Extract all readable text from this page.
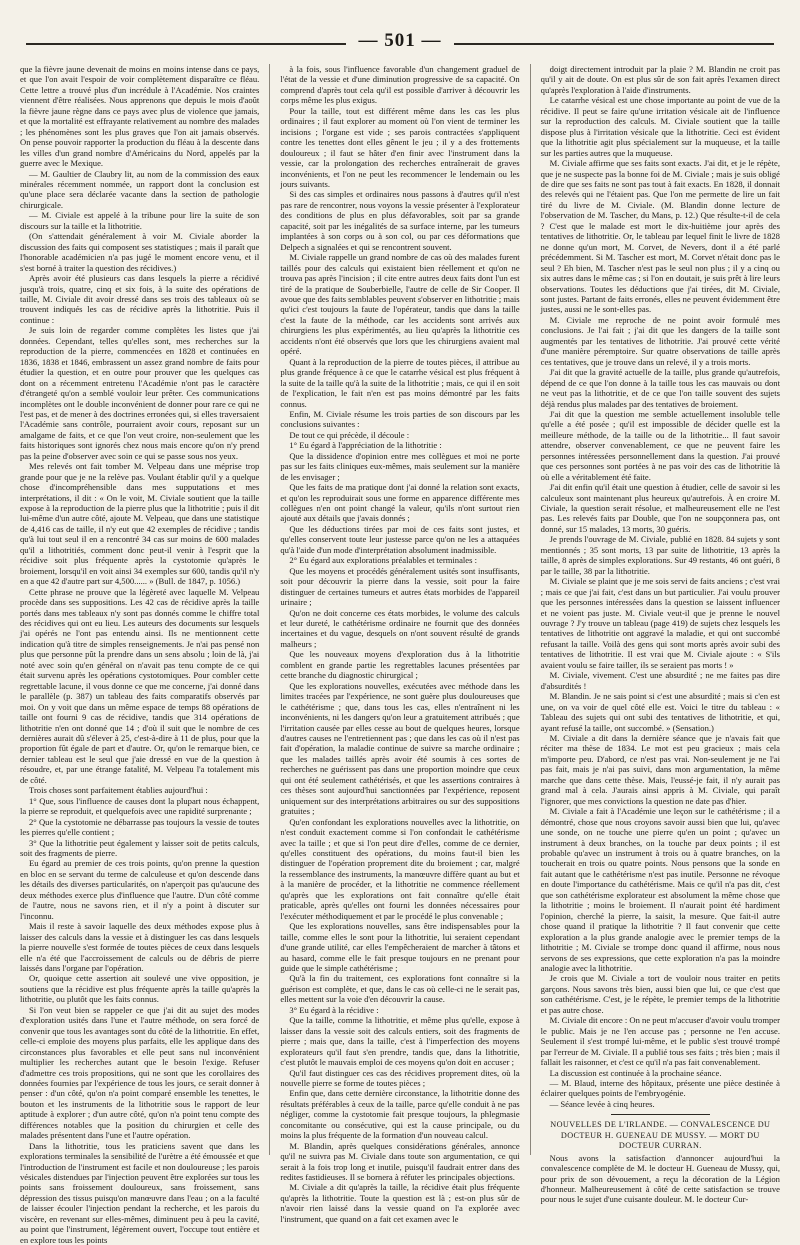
— 501 —

que la fièvre jaune devenait de moins en moins intense dans ce pays, et que l'on avait l'espoir de voir complètement disparaître ce fléau. Cette lettre a trouvé plus d'un incrédule à l'Académie. Nos craintes viennent d'être réalisées. Nous apprenons que depuis le mois d'août la fièvre jaune règne dans ce pays avec plus de violence que jamais, et que la mortalité est effrayante relativement au nombre des malades ; les phénomènes sont les plus graves que l'on ait jamais observés. On pense pouvoir rapporter la production du fléau à la descente dans les villes d'un grand nombre d'Américains du Nord, appelés par la guerre avec le Mexique.

— M. Gaultier de Claubry lit, au nom de la commission des eaux minérales récemment nommée, un rapport dont la conclusion est qu'une place sera déclarée vacante dans la section de pathologie chirurgicale.

— M. Civiale est appelé à la tribune pour lire la suite de son discours sur la taille et la lithotritie.

(On s'attendait généralement à voir M. Civiale aborder la discussion des faits qui composent ses statistiques ; mais il paraît que l'honorable académicien n'a pas jugé le moment encore venu, et il s'est borné à traiter la question des récidives.)

Après avoir été plusieurs cas dans lesquels la pierre a récidivé jusqu'à trois, quatre, cinq et six fois, à la suite des opérations de taille, M. Civiale dit avoir dressé dans ses trois des tableaux où se trouvent indiqués les cas de récidive après la lithotritie. Puis il continue :

Je suis loin de regarder comme complètes les listes que j'ai données. Cependant, telles qu'elles sont, mes recherches sur la reproduction de la pierre, commencées en 1828 et continuées en 1836, 1838 et 1846, embrassent un assez grand nombre de faits pour étudier la question, et en outre pour prouver que les quelques cas dont on a récemment entretenu l'Académie n'ont pas le caractère d'étrangeté qu'on a semblé vouloir leur prêter. Ces communications incomplètes ont le double inconvénient de donner pour rare ce qui ne l'est pas, et de mener à des doctrines erronées qui, si elles traversaient l'Académie sans contrôle, pourraient avoir cours, reposant sur un amalgame de faits, et ce que l'on veut croire, non-seulement que les faits historiques sont ignorés chez nous mais encore qu'on n'y prend pas la peine d'observer avec soin ce qui se passe sous nos yeux.

Mes relevés ont fait tomber M. Velpeau dans une méprise trop grande pour que je ne la relève pas. Voulant établir qu'il y a quelque chose d'incompréhensible dans mes supputations et mes interprétations, il dit : « On le voit, M. Civiale soutient que la taille expose à la reproduction de la pierre plus que la lithotritie ; puis il dit lui-même d'un autre côté, ajoute M. Velpeau, que dans une statistique de 4,416 cas de taille, il n'y eut que 42 exemples de récidive ; tandis qu'à lui tout seul il en a rencontré 34 cas sur moins de 600 malades qu'il a lithotritiés, comment donc peut-il venir à l'esprit que la récidive soit plus fréquente après la cystotomie qu'après le broiement, lorsqu'il en voit ainsi 34 exemples sur 600, tandis qu'il n'y en a que 42 d'autre part sur 4,500...... » (Bull. de 1847, p. 1056.)

Cette phrase ne prouve que la légèreté avec laquelle M. Velpeau procède dans ses suppositions. Les 42 cas de récidive après la taille portés dans mes tableaux n'y sont pas donnés comme le chiffre total des récidives qui ont eu lieu. Les auteurs des documents sur lesquels j'ai opérés ne l'ont pas entendu ainsi. Ils ne mentionnent cette indication qu'à titre de simples renseignements. Je n'ai pas pensé non plus que personne pût la prendre dans un sens absolu ; loin de là, j'ai noté avec soin qu'en général on n'avait pas tenu compte de ce qui était survenu après les opérations cystotomiques. Pour combler cette regrettable lacune, il vous donne ce que me concerne, j'ai donné dans le parallèle (p. 387) un tableau des faits comparatifs observés par moi. On y voit que dans un même espace de temps 88 opérations de taille ont fourni 9 cas de récidive, tandis que 314 opérations de lithotritie n'en ont donné que 14 ; d'où il suit que le nombre de ces dernières aurait dû s'élever à 25, c'est-à-dire à 11 de plus, pour que la proportion fût égale de part et d'autre. Or, qu'on le remarque bien, ce dernier tableau est le seul que j'aie dressé en vue de la question à résoudre, et, par une étrange fatalité, M. Velpeau l'a totalement mis de côté.

Trois choses sont parfaitement établies aujourd'hui :

1° Que, sous l'influence de causes dont la plupart nous échappent, la pierre se reproduit, et quelquefois avec une rapidité surprenante ;

2° Que la cystotomie ne débarrasse pas toujours la vessie de toutes les pierres qu'elle contient ;

3° Que la lithotritie peut également y laisser soit de petits calculs, soit des fragments de pierre.

Eu égard au premier de ces trois points, qu'on prenne la question en bloc en se servant du terme de calculeuse et qu'on descende dans les détails des diverses particularités, on n'aperçoit pas qu'aucune des deux méthodes exerce plus d'influence que l'autre. D'un côté comme de l'autre, nous ne savons rien, et il n'y a point à discuter sur l'inconnu.

Mais il reste à savoir laquelle des deux méthodes expose plus à laisser des calculs dans la vessie et à distinguer les cas dans lesquels la pierre nouvelle s'est formée de toutes pièces de ceux dans lesquels elle n'a été que l'accroissement de calculs ou de débris de pierre laissés dans l'organe par l'opération.

Or, quoique cette assertion ait soulevé une vive opposition, je soutiens que la récidive est plus fréquente après la taille qu'après la lithotritie, ou plutôt que les faits connus.

Si l'on veut bien se rappeler ce que j'ai dit au sujet des modes d'exploration usités dans l'une et l'autre méthode, on sera forcé de convenir que tous les avantages sont du côté de la lithotritie. En effet, celle-ci emploie des moyens plus parfaits, elle les applique dans des circonstances plus favorables et elle peut sans nul inconvénient multiplier les recherches autant que le besoin l'exige. Refuser d'admettre ces trois propositions, qui ne sont que les corollaires des données fournies par l'expérience de tous les jours, ce serait donner à penser : d'un côté, qu'on n'a point comparé ensemble les tenettes, le bouton et les instruments de la lithotritie sous le rapport de leur aptitude à explorer ; d'un autre côté, qu'on n'a point tenu compte des différences notables que la position du chirurgien et celle des malades présentent dans l'une et l'autre opération.

Dans la lithotritie, tous les praticiens savent que dans les explorations terminales la sensibilité de l'urètre a été émoussée et que l'introduction de l'instrument est facile et non douloureuse ; les parois vésicales distendues par l'injection peuvent être explorées sur tous les points sans froissement douloureux, sans froissement, sans dépression des tissus puisqu'on manœuvre dans l'eau ; on a la faculté de laisser écouler l'injection pendant la recherche, et les parois du viscère, en revenant sur elles-mêmes, diminuent peu à peu la cavité, au point que l'instrument, légèrement ouvert, l'occupe tout entière et en explore tous les points

à la fois, sous l'influence favorable d'un changement graduel de l'état de la vessie et d'une diminution progressive de sa capacité. On comprend d'après tout cela qu'il est possible d'arriver à découvrir les corps même les plus exigus.

Pour la taille, tout est différent même dans les cas les plus ordinaires ; il faut explorer au moment où l'on vient de terminer les incisions ; l'organe est vide ; ses parois contractées s'appliquent contre les tenettes dont elles gênent le jeu ; il y a des frottements douloureux ; il faut se hâter d'en finir avec l'instrument dans la vessie, car la prolongation des recherches entraînerait de graves inconvénients, et l'on ne peut les recommencer le lendemain ou les jours suivants.

Si des cas simples et ordinaires nous passons à d'autres qu'il n'est pas rare de rencontrer, nous voyons la vessie présenter à l'explorateur des conditions de plus en plus défavorables, soit par sa grande capacité, soit par les inégalités de sa surface interne, par les tumeurs implantées à son corps ou à son col, ou par ces déformations que Delpech a signalées et qui se rencontrent souvent.

M. Civiale rappelle un grand nombre de cas où des malades furent taillés pour des calculs qui existaient bien réellement et qu'on ne trouva pas après l'incision ; il cite entre autres deux faits dont l'un est tiré de la pratique de Souberbielle, l'autre de celle de Sir Cooper. Il avoue que des faits semblables peuvent s'observer en lithotritie ; mais qu'ici c'est toujours la faute de l'opérateur, tandis que dans la taille c'est la faute de la méthode, car les accidents sont arrivés aux chirurgiens les plus expérimentés, au lieu qu'après la lithotritie ces accidents n'ont été observés que lors que les chirurgiens avaient mal opéré.

Quant à la reproduction de la pierre de toutes pièces, il attribue au plus grande fréquence à ce que le catarrhe vésical est plus fréquent à la suite de la taille qu'à la suite de la lithotritie ; mais, ce qui il en soit de l'explication, le fait n'en est pas moins démontré par les faits connus.

Enfin, M. Civiale résume les trois parties de son discours par les conclusions suivantes :

De tout ce qui précède, il découle :

1° Eu égard à l'appréciation de la lithotritie :

Que la dissidence d'opinion entre mes collègues et moi ne porte pas sur les faits cliniques eux-mêmes, mais seulement sur la manière de les envisager ;

Que les faits de ma pratique dont j'ai donné la relation sont exacts, et qu'on les reproduirait sous une forme en apparence différente mes collègues n'en ont point changé la valeur, qu'ils n'ont surtout rien ajouté aux détails que j'avais donnés ;

Que les déductions tirées par moi de ces faits sont justes, et qu'elles conservent toute leur justesse parce qu'on ne les a attaquées qu'à l'aide d'un mode d'interprétation absolument inadmissible.

2° Eu égard aux explorations préalables et terminales :

Que les moyens et procédés généralement usités sont insuffisants, soit pour découvrir la pierre dans la vessie, soit pour la faire distinguer de certaines tumeurs et autres états morbides de l'appareil urinaire ;

Qu'on ne doit concerne ces états morbides, le volume des calculs et leur dureté, le cathétérisme ordinaire ne fournit que des données incertaines et du vague, desquels on n'ont souvent résulté de grands malheurs ;

Que les nouveaux moyens d'exploration dus à la lithotritie comblent en grande partie les regrettables lacunes présentées par cette branche du diagnostic chirurgical ;

Que les explorations nouvelles, exécutées avec méthode dans les limites tracées par l'expérience, ne sont guère plus douloureuses que le cathétérisme ; que, dans tous les cas, elles n'entraînent ni les inconvénients, ni les dangers qu'on leur a gratuitement attribués ; que l'irritation causée par elles cesse au bout de quelques heures, lorsque d'autres causes ne l'entretiennent pas ; que dans les cas où il n'est pas fait d'opération, la maladie continue de suivre sa marche ordinaire ; que les malades taillés après avoir été soumis à ces sortes de recherches ne guérissent pas dans une proportion moindre que ceux qui ont été seulement cathétérisés, et que les assertions contraires à ces thèses sont aujourd'hui sanctionnées par l'expérience, reposent uniquement sur des interprétations arbitraires ou sur des suppositions gratuites ;

Qu'en confondant les explorations nouvelles avec la lithotritie, on n'est conduit exactement comme si l'on confondait le cathétérisme avec la taille ; et que si l'on peut dire d'elles, comme de ce dernier, qu'elles constituent des opérations, du moins faut-il bien les distinguer de l'opération proprement dite du broiement ; car, malgré la ressemblance des instruments, la manœuvre diffère quant au but et à la manière de procéder, et la lithotritie ne commence réellement qu'après que les explorations ont fait connaître qu'elle était praticable, après qu'elles ont fourni les données nécessaires pour l'exécuter méthodiquement et par le procédé le plus convenable ;

Que les explorations nouvelles, sans être indispensables pour la taille, comme elles le sont pour la lithotritie, lui seraient cependant d'une grande utilité, car elles l'empêcheraient de marcher à tâtons et au hasard, comme elle le fait presque toujours en ne prenant pour guide que le simple cathétérisme ;

Qu'à la fin du traitement, ces explorations font connaître si la guérison est complète, et que, dans le cas où celle-ci ne le serait pas, elles mettent sur la voie d'en découvrir la cause.

3° Eu égard à la récidive :

Que la taille, comme la lithotritie, et même plus qu'elle, expose à laisser dans la vessie soit des calculs entiers, soit des fragments de pierre ; mais que, dans la taille, c'est à l'imperfection des moyens explorateurs qu'il faut s'en prendre, tandis que, dans la lithotritie, c'est plutôt le mauvais emploi de ces moyens qu'on doit en accuser ;

Qu'il faut distinguer ces cas des récidives proprement dites, où la nouvelle pierre se forme de toutes pièces ;

Enfin que, dans cette dernière circonstance, la lithotritie donne des résultats préférables à ceux de la taille, parce qu'elle conduit à ne pas négliger, comme la cystotomie fait presque toujours, la phlegmasie concomitante ou consécutive, qui est la cause principale, ou du moins la plus fréquente de la formation d'un nouveau calcul.

M. Blandin, après quelques considérations générales, annonce qu'il ne suivra pas M. Civiale dans toute son argumentation, ce qui serait à la fois trop long et inutile, puisqu'il faudrait entrer dans des redites fastidieuses. Il se bornera à réfuter les principales objections.

M. Civiale a dit qu'après la taille, la récidive était plus fréquente qu'après la lithotritie. Toute la question est là ; est-on plus sûr de n'avoir rien laissé dans la vessie quand on l'a explorée avec l'instrument, que quand on a fait cet examen avec le

doigt directement introduit par la plaie ? M. Blandin ne croit pas qu'il y ait de doute. On est plus sûr de son fait après l'examen direct qu'après l'exploration à l'aide d'instruments.

Le catarrhe vésical est une chose importante au point de vue de la récidive. Il peut se faire qu'une irritation vésicale ait de l'influence sur la reproduction des calculs. M. Civiale soutient que la taille dispose plus à l'irritation vésicale que la lithotritie. Ceci est évident que la lithotritie agit plus spécialement sur la muqueuse, et la taille sur les parties autres que la muqueuse.

M. Civiale affirme que ses faits sont exacts. J'ai dit, et je le répète, que je ne suspecte pas la bonne foi de M. Civiale ; mais je suis obligé de dire que ses faits ne sont pas tout à fait exacts. En 1828, il donnait des relevés qui ne l'étaient pas. Que l'on me permette de lire un fait tiré du livre de M. Civiale. (M. Blandin donne lecture de l'observation de M. Tascher, du Mans, p. 12.) Que résulte-t-il de cela ? C'est que le malade est mort le dix-huitième jour après des tentatives de lithotritie. Or, le tableau par lequel finit le livre de 1828 ne donne qu'un mort, M. Corvet, de Nevers, dont il a été parlé précédemment. Si M. Tascher est mort, M. Corvet n'était donc pas le seul ? Eh bien, M. Tascher n'est pas le seul non plus ; il y a cinq ou six autres dans le même cas ; si l'on en doutait, je suis prêt à lire leurs observations. Toutes les déductions que j'ai tirées, dit M. Civiale, sont justes. Partant de faits erronés, elles ne peuvent évidemment être justes, aussi ne le sont-elles pas.

M. Civiale me reproche de ne point avoir formulé mes conclusions. Je l'ai fait ; j'ai dit que les dangers de la taille sont augmentés par les tentatives de lithotritie. J'ai prouvé cette vérité d'une manière péremptoire. Sur quatre observations de taille après ces tentatives, que je trouve dans un relevé, il y a trois morts.

J'ai dit que la gravité actuelle de la taille, plus grande qu'autrefois, dépend de ce que l'on donne à la taille tous les cas mauvais ou dont ne veut pas la lithotritie, et de ce que l'on taille souvent des sujets déjà rendus plus malades par des tentatives de broiement.

J'ai dit que la question me semble actuellement insoluble telle qu'elle a été posée ; qu'il est impossible de décider quelle est la meilleure méthode, de la taille ou de la lithotritie... Il faut savoir attendre, observer convenablement, ce que ne peuvent faire les personnes intéressées personnellement dans la question. J'ai prouvé que ces personnes sont portées à ne pas voir des cas de lithotritie là où elle a véritablement été faite.

J'ai dit enfin qu'il était une question à étudier, celle de savoir si les calculeux sont maintenant plus heureux qu'autrefois. À en croire M. Civiale, la question serait résolue, et malheureusement elle ne l'est pas. Les relevés faits par Double, que l'on ne soupçonnera pas, ont donné, sur 15 malades, 13 morts, 30 guéris.

Je prends l'ouvrage de M. Civiale, publié en 1828. 84 sujets y sont mentionnés ; 35 sont morts, 13 par suite de lithotritie, 13 après la taille, 8 après de simples explorations. Sur 49 restants, 46 ont guéri, 8 par le taille, 38 par la lithotritie.

M. Civiale se plaint que je me sois servi de faits anciens ; c'est vrai ; mais ce que j'ai fait, c'est dans un but particulier. J'ai voulu prouver que les personnes intéressées dans la question se laissent influencer et ne voient pas juste. M. Civiale veut-il que je prenne le nouvel ouvrage ? J'y trouve un tableau (page 419) de sujets chez lesquels les tentatives de lithotritie ont aggravé la maladie, et qui ont succombé refusant la taille. Voilà des gens qui sont morts après avoir subi des tentatives de lithotritie. Il est vrai que M. Civiale ajoute : « S'ils avaient voulu se faire tailler, ils se seraient pas morts ! »

M. Civiale, vivement. C'est une absurdité ; ne me faites pas dire d'absurdités !

M. Blandin. Je ne sais point si c'est une absurdité ; mais si c'en est une, on va voir de quel côté elle est. Voici le titre du tableau : « Tableau des sujets qui ont subi des tentatives de lithotritie, et qui, ayant refusé la taille, ont succombé. » (Sensation.)

M. Civiale a dit dans la dernière séance que je n'avais fait que réciter ma thèse de 1834. Le mot est peu gracieux ; mais cela m'importe peu. D'abord, ce n'est pas vrai. Non-seulement je ne l'ai pas fait, mais je n'ai pas suivi, dans mon argumentation, la même marche que dans cette thèse. Mais, l'eussé-je fait, il n'y aurait pas grand mal à cela. J'aurais ainsi appris à M. Civiale, qui paraît l'ignorer, que mes convictions la question ne date pas d'hier.

M. Civiale a fait à l'Académie une leçon sur le cathétérisme ; il a démontré, chose que nous croyons savoir aussi bien que lui, qu'avec une sonde, on ne touche une pierre qu'en un point ; qu'avec un instrument à deux branches, on la touche par deux points ; il est probable qu'avec un instrument à trois ou à quatre branches, on la toucherait en trois ou quatre points. Nous pensons que la sonde en fait autant que le cathétérisme n'est pas inutile. Personne ne révoque en doute l'importance du cathétérisme. Mais ce qu'il n'a pas dit, c'est que son cathétérisme explorateur est absolument la même chose que la lithotritie ; moins le broiement. Il n'aurait point été hardiment l'opinion, cherché la pierre, la saisit, la mesure. Que fait-il autre chose quand il pratique la lithotritie ? Il faut convenir que cette exploration a la plus grande analogie avec le premier temps de la lithotritie ; M. Civiale se trompe donc quand il affirme, nous nous servons de ses expressions, que cette exploration n'a pas la moindre analogie avec la lithotritie.

Je crois que M. Civiale a tort de vouloir nous traiter en petits garçons. Nous savons très bien, aussi bien que lui, ce que c'est que son cathétérisme. C'est, je le répète, le premier temps de la lithotritie et pas autre chose.

M. Civiale dit encore : On ne peut m'accuser d'avoir voulu tromper le public. Mais je ne l'en accuse pas ; personne ne l'en accuse. Seulement il s'est trompé lui-même, et le public s'est trouvé trompé par l'erreur de M. Civiale. Il a publié tous ses faits ; très bien ; mais il fallait les raisonner, et c'est ce qu'il n'a pas fait convenablement.

La discussion est continuée à la prochaine séance.

— M. Blaud, interne des hôpitaux, présente une pièce destinée à éclairer quelques points de l'embryogénie.

— Séance levée à cinq heures.

NOUVELLES DE L'IRLANDE. — CONVALESCENCE DU DOCTEUR H. GUENEAU DE MUSSY. — MORT DU DOCTEUR CURRAN.

Nous avons la satisfaction d'annoncer aujourd'hui la convalescence complète de M. le docteur H. Gueneau de Mussy, qui, pour prix de son dévouement, a reçu la décoration de la Légion d'honneur. Malheureusement à côté de cette satisfaction se trouve pour nous le sujet d'une cuisante douleur. M. le docteur Cur-
